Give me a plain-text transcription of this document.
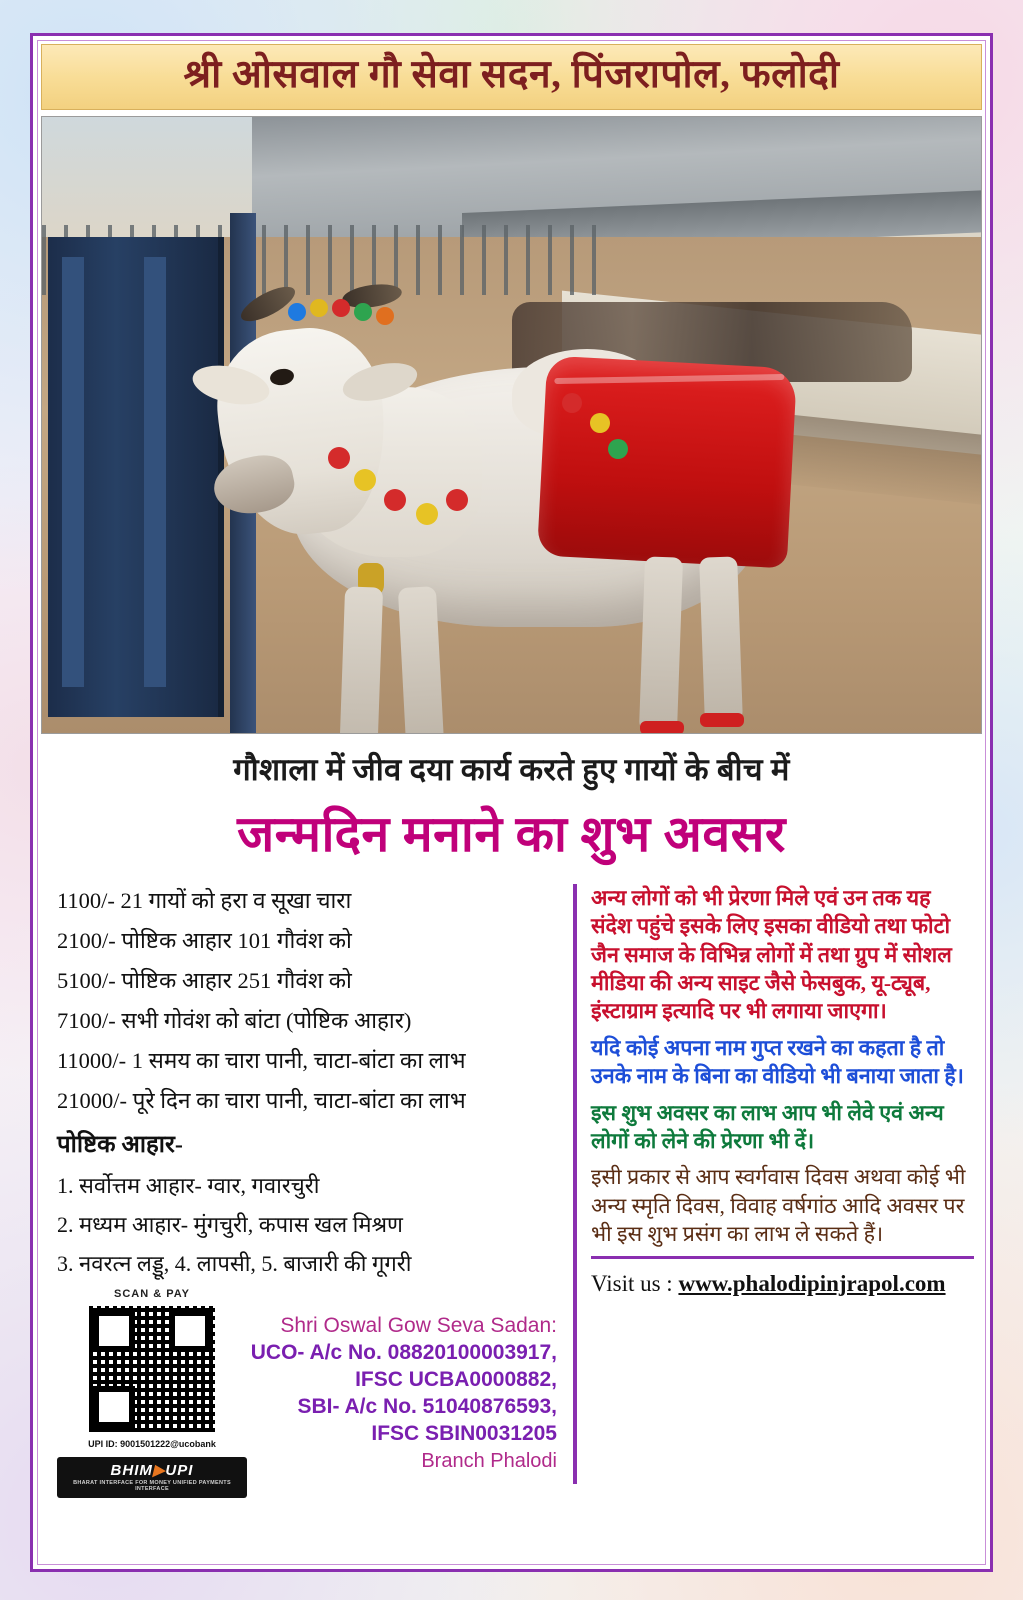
श्री ओसवाल गौ सेवा सदन, पिंजरापोल, फलोदी
गौशाला में जीव दया कार्य करते हुए गायों के बीच में
जन्मदिन मनाने का शुभ अवसर
1100/- 21 गायों को हरा व सूखा चारा
2100/- पोष्टिक आहार 101 गौवंश को
5100/- पोष्टिक आहार 251 गौवंश को
7100/- सभी गोवंश को बांटा (पोष्टिक आहार)
11000/- 1 समय का चारा पानी, चाटा-बांटा का लाभ
21000/- पूरे दिन का चारा पानी, चाटा-बांटा का लाभ
पोष्टिक आहार-
1. सर्वोत्तम आहार- ग्वार, गवारचुरी
2. मध्यम आहार- मुंगचुरी, कपास खल मिश्रण
3. नवरत्न लड्डू, 4. लापसी, 5. बाजारी की गूगरी
SCAN & PAY
UPI ID: 9001501222@ucobank
BHIM▶UPI
BHARAT INTERFACE FOR MONEY UNIFIED PAYMENTS INTERFACE
Shri Oswal Gow Seva Sadan:
UCO- A/c No. 08820100003917,
IFSC UCBA0000882,
SBI- A/c No. 51040876593,
IFSC SBIN0031205
Branch Phalodi
अन्य लोगों को भी प्रेरणा मिले एवं उन तक यह संदेश पहुंचे इसके लिए इसका वीडियो तथा फोटो जैन समाज के विभिन्न लोगों में तथा ग्रुप में सोशल मीडिया की अन्य साइट जैसे फेसबुक, यू-ट्यूब, इंस्टाग्राम इत्यादि पर भी लगाया जाएगा।
यदि कोई अपना नाम गुप्त रखने का कहता है तो उनके नाम के बिना का वीडियो भी बनाया जाता है।
इस शुभ अवसर का लाभ आप भी लेवे एवं अन्य लोगों को लेने की प्रेरणा भी दें।
इसी प्रकार से आप स्वर्गवास दिवस अथवा कोई भी अन्य स्मृति दिवस, विवाह वर्षगांठ आदि अवसर पर भी इस शुभ प्रसंग का लाभ ले सकते हैं।
Visit us : www.phalodipinjrapol.com
